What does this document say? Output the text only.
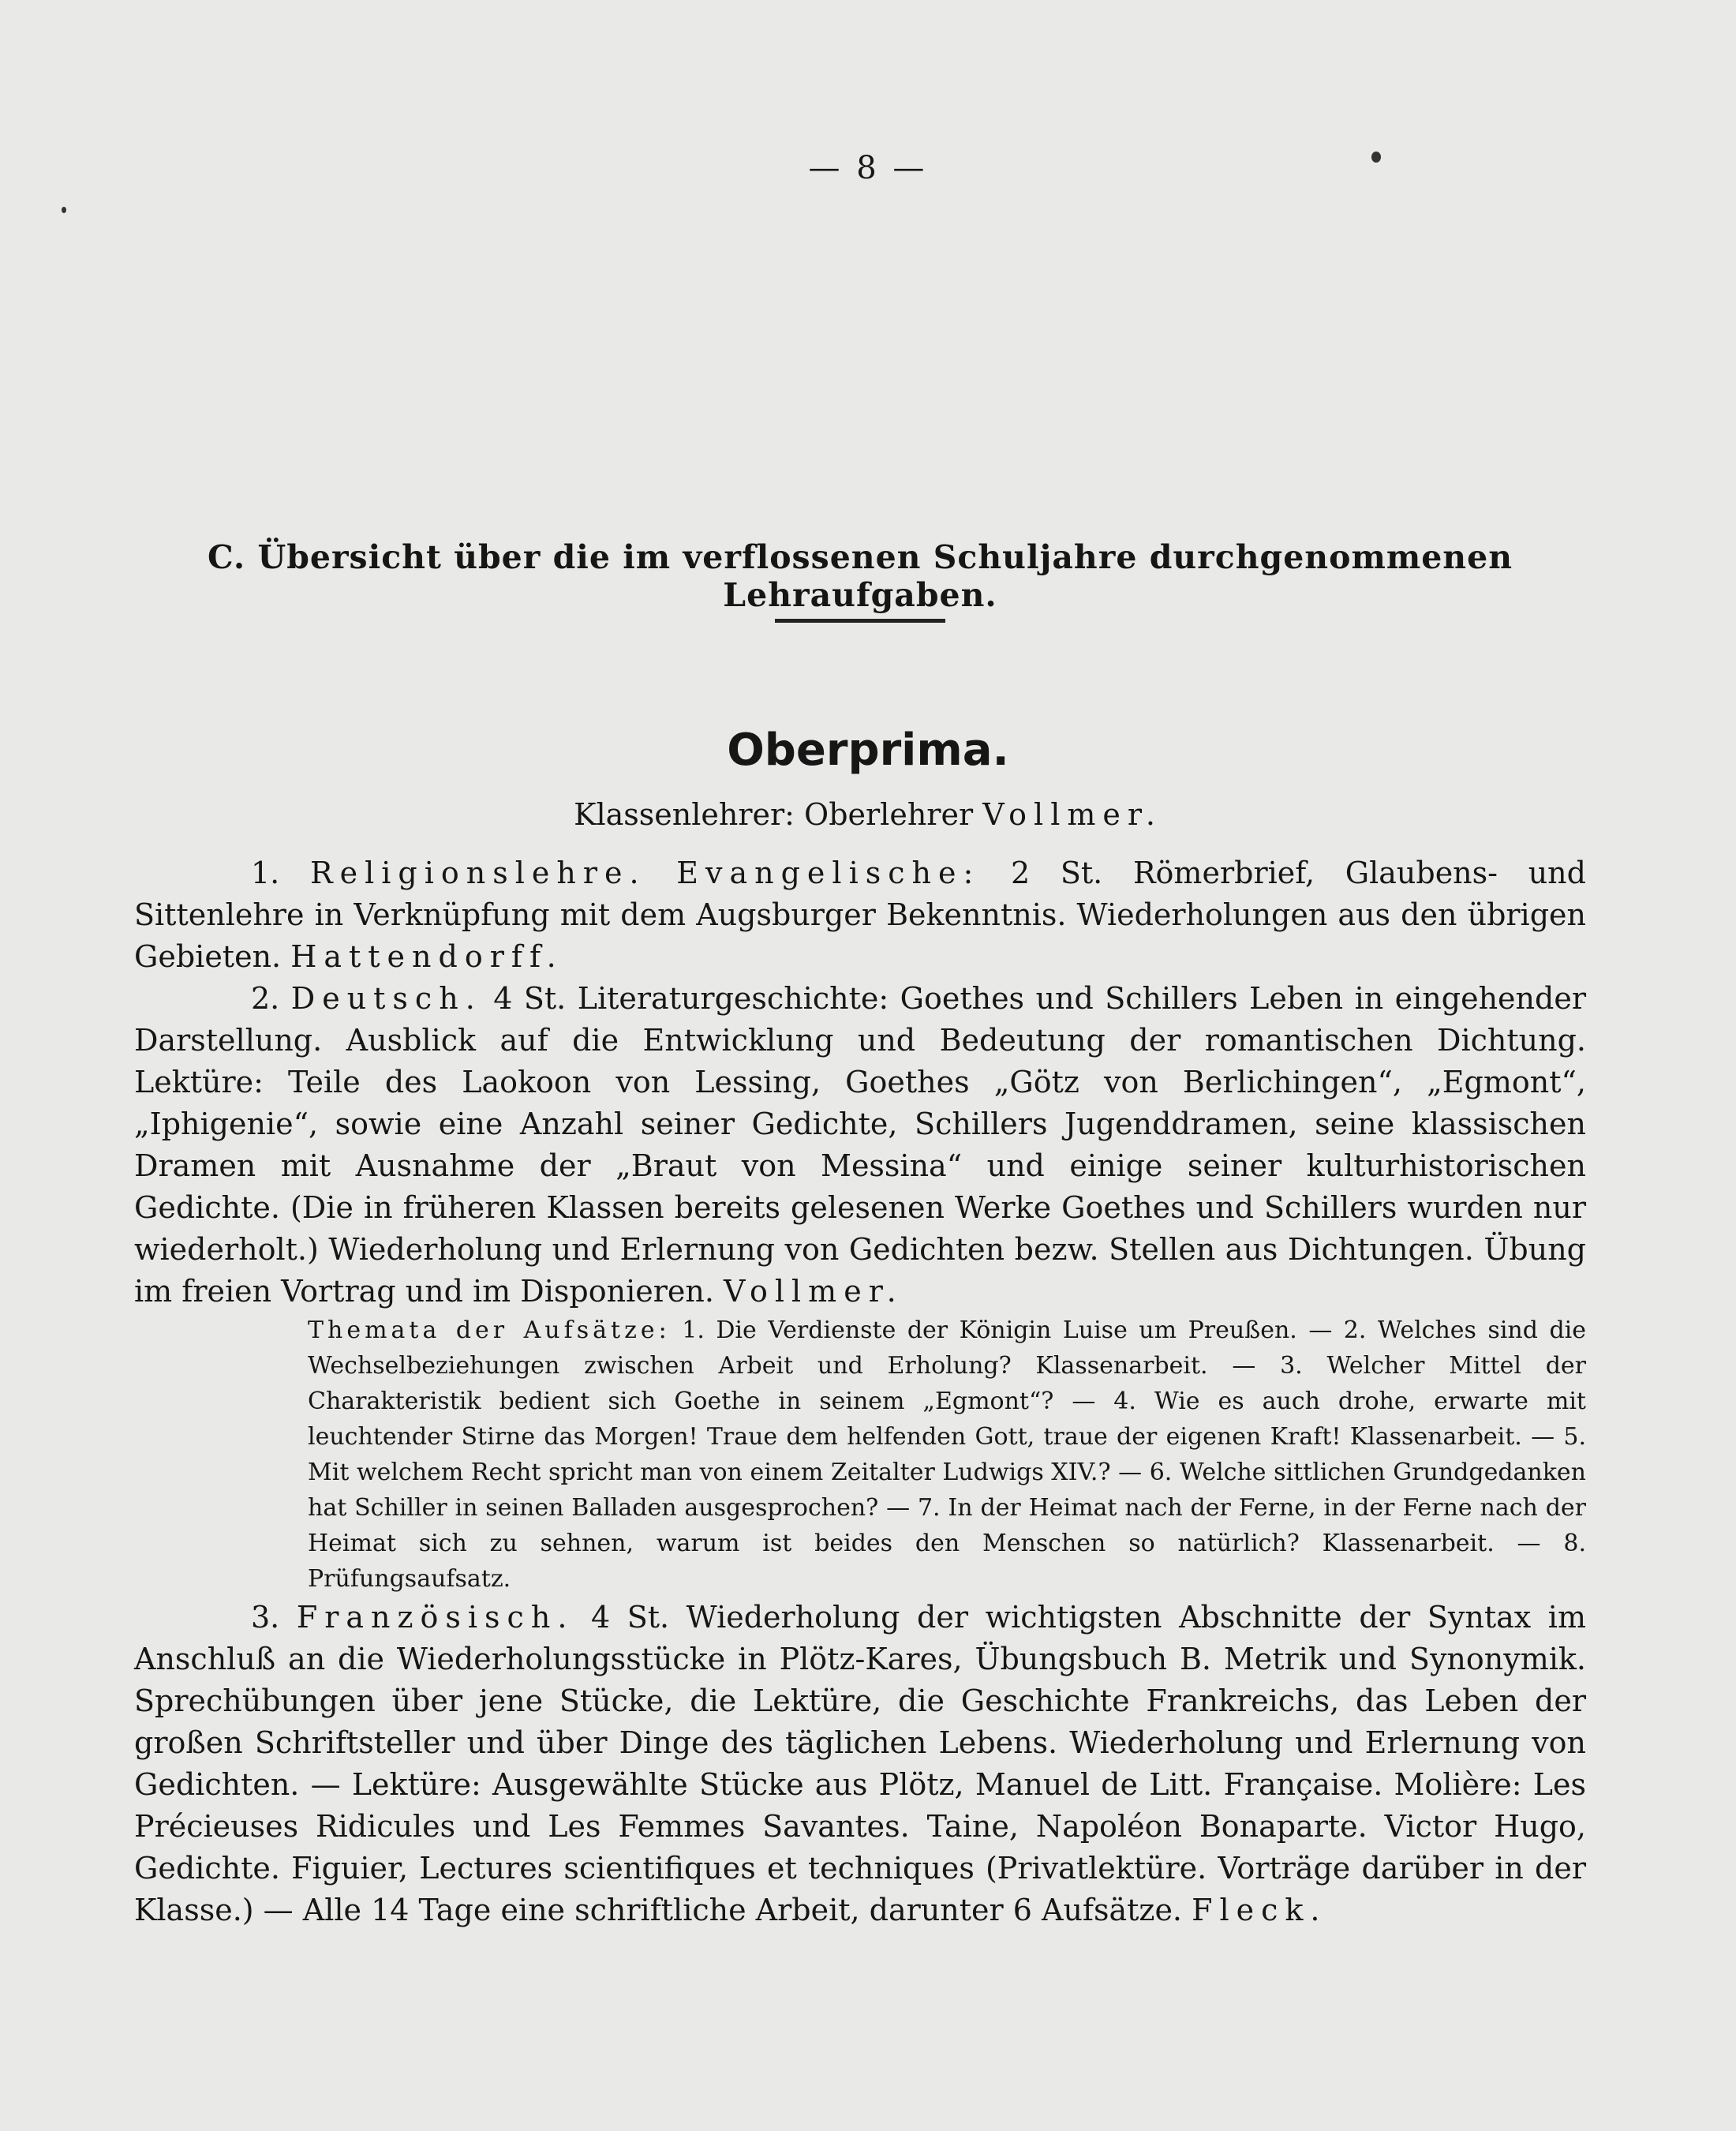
— 8 —
C. Übersicht über die im verflossenen Schuljahre durchgenommenen Lehraufgaben.
Oberprima.
Klassenlehrer: Oberlehrer Vollmer.

1. Religionslehre. Evangelische: 2 St. Römerbrief, Glaubens- und Sittenlehre in Verknüpfung mit dem Augsburger Bekenntnis. Wiederholungen aus den übrigen Gebieten. Hattendorff.

2. Deutsch. 4 St. Literaturgeschichte: Goethes und Schillers Leben in eingehender Darstellung. Ausblick auf die Entwicklung und Bedeutung der romantischen Dichtung. Lektüre: Teile des Laokoon von Lessing, Goethes „Götz von Berlichingen“, „Egmont“, „Iphigenie“, sowie eine Anzahl seiner Gedichte, Schillers Jugenddramen, seine klassischen Dramen mit Ausnahme der „Braut von Messina“ und einige seiner kulturhistorischen Gedichte. (Die in früheren Klassen bereits gelesenen Werke Goethes und Schillers wurden nur wiederholt.) Wiederholung und Erlernung von Gedichten bezw. Stellen aus Dichtungen. Übung im freien Vortrag und im Disponieren. Vollmer.

Themata der Aufsätze: 1. Die Verdienste der Königin Luise um Preußen. — 2. Welches sind die Wechselbeziehungen zwischen Arbeit und Erholung? Klassenarbeit. — 3. Welcher Mittel der Charakteristik bedient sich Goethe in seinem „Egmont“? — 4. Wie es auch drohe, erwarte mit leuchtender Stirne das Morgen! Traue dem helfenden Gott, traue der eigenen Kraft! Klassenarbeit. — 5. Mit welchem Recht spricht man von einem Zeitalter Ludwigs XIV.? — 6. Welche sittlichen Grundgedanken hat Schiller in seinen Balladen ausgesprochen? — 7. In der Heimat nach der Ferne, in der Ferne nach der Heimat sich zu sehnen, warum ist beides den Menschen so natürlich? Klassenarbeit. — 8. Prüfungsaufsatz.

3. Französisch. 4 St. Wiederholung der wichtigsten Abschnitte der Syntax im Anschluß an die Wiederholungsstücke in Plötz-Kares, Übungsbuch B. Metrik und Synonymik. Sprechübungen über jene Stücke, die Lektüre, die Geschichte Frankreichs, das Leben der großen Schriftsteller und über Dinge des täglichen Lebens. Wiederholung und Erlernung von Gedichten. — Lektüre: Ausgewählte Stücke aus Plötz, Manuel de Litt. Française. Molière: Les Précieuses Ridicules und Les Femmes Savantes. Taine, Napoléon Bonaparte. Victor Hugo, Gedichte. Figuier, Lectures scientifiques et techniques (Privatlektüre. Vorträge darüber in der Klasse.) — Alle 14 Tage eine schriftliche Arbeit, darunter 6 Aufsätze. Fleck.
